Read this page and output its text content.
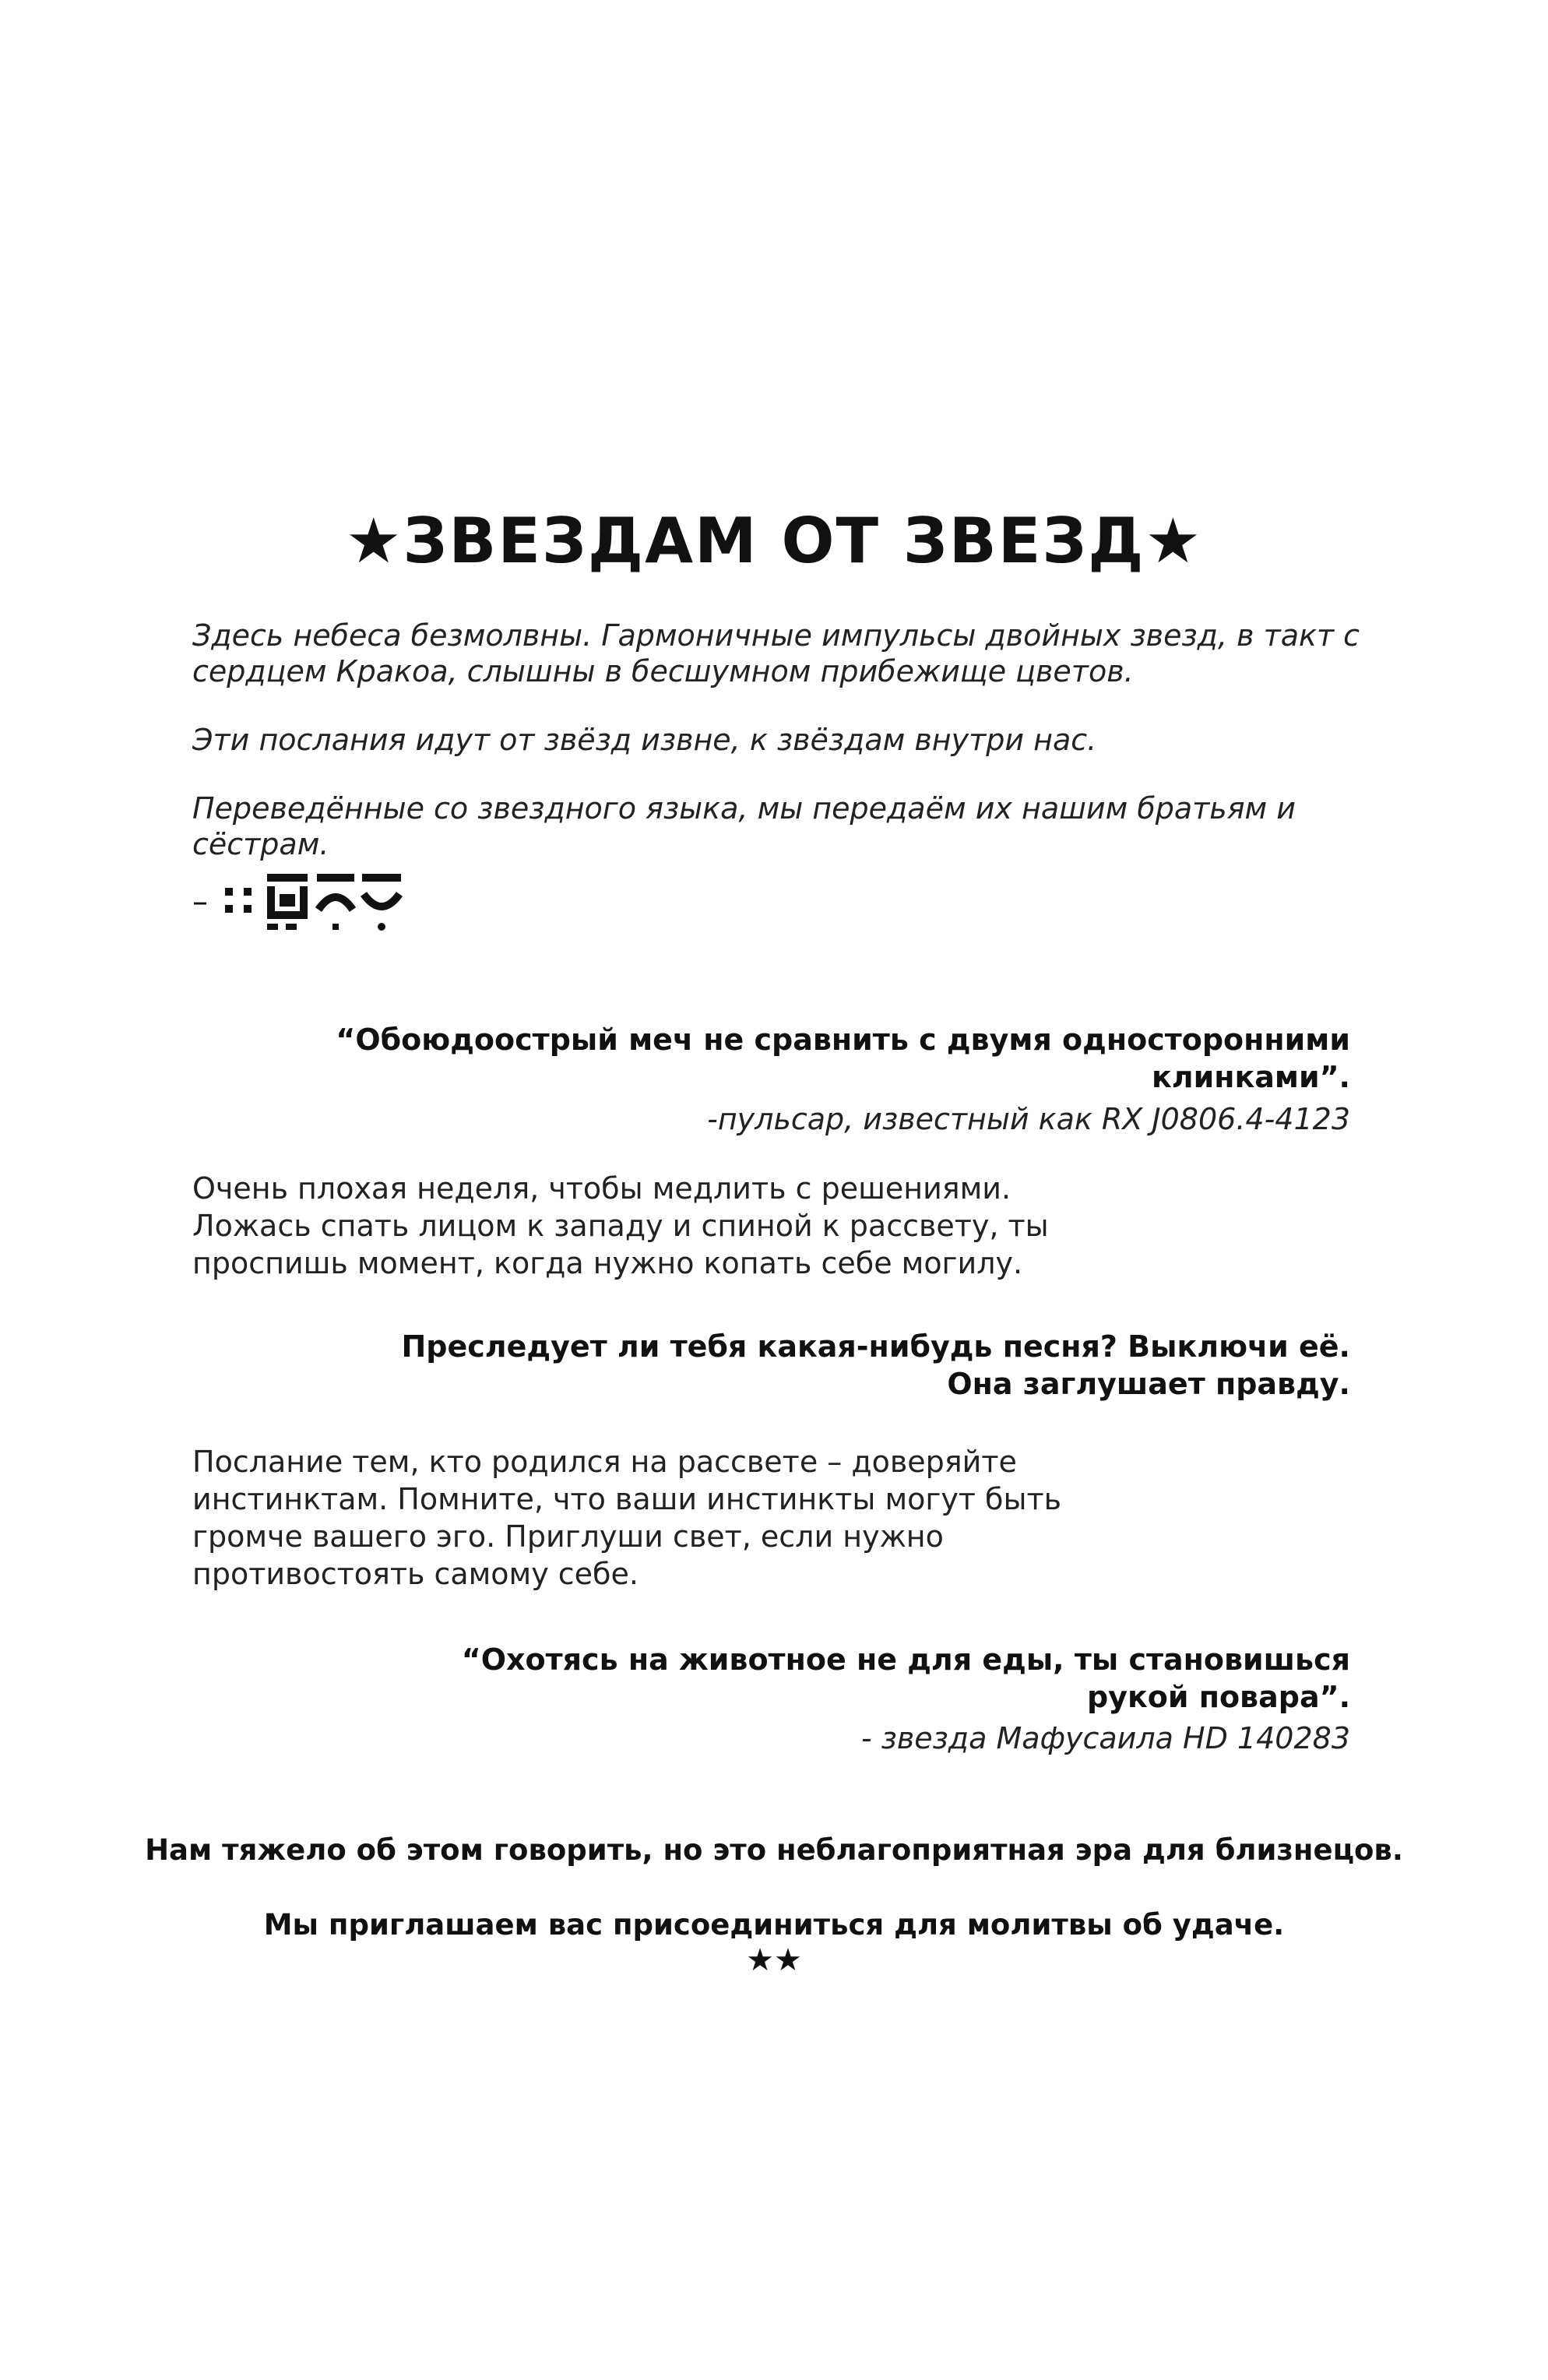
★ЗВЕЗДАМ ОТ ЗВЕЗД★

Здесь небеса безмолвны. Гармоничные импульсы двойных звезд, в такт с сердцем Кракоа, слышны в бесшумном прибежище цветов.

Эти послания идут от звёзд извне, к звёздам внутри нас.

Переведённые со звездного языка, мы передаём их нашим братьям и сёстрам.

–
“Обоюдоострый меч не сравнить с двумя односторонними клинками”.
-пульсар, известный как RX J0806.4-4123
Очень плохая неделя, чтобы медлить с решениями. Ложась спать лицом к западу и спиной к рассвету, ты проспишь момент, когда нужно копать себе могилу.
Преследует ли тебя какая-нибудь песня? Выключи её. Она заглушает правду.
Послание тем, кто родился на рассвете – доверяйте инстинктам. Помните, что ваши инстинкты могут быть громче вашего эго. Приглуши свет, если нужно противостоять самому себе.
“Охотясь на животное не для еды, ты становишься рукой повара”.
- звезда Мафусаила HD 140283
Нам тяжело об этом говорить, но это неблагоприятная эра для близнецов.
Мы приглашаем вас присоединиться для молитвы об удаче.
★★
